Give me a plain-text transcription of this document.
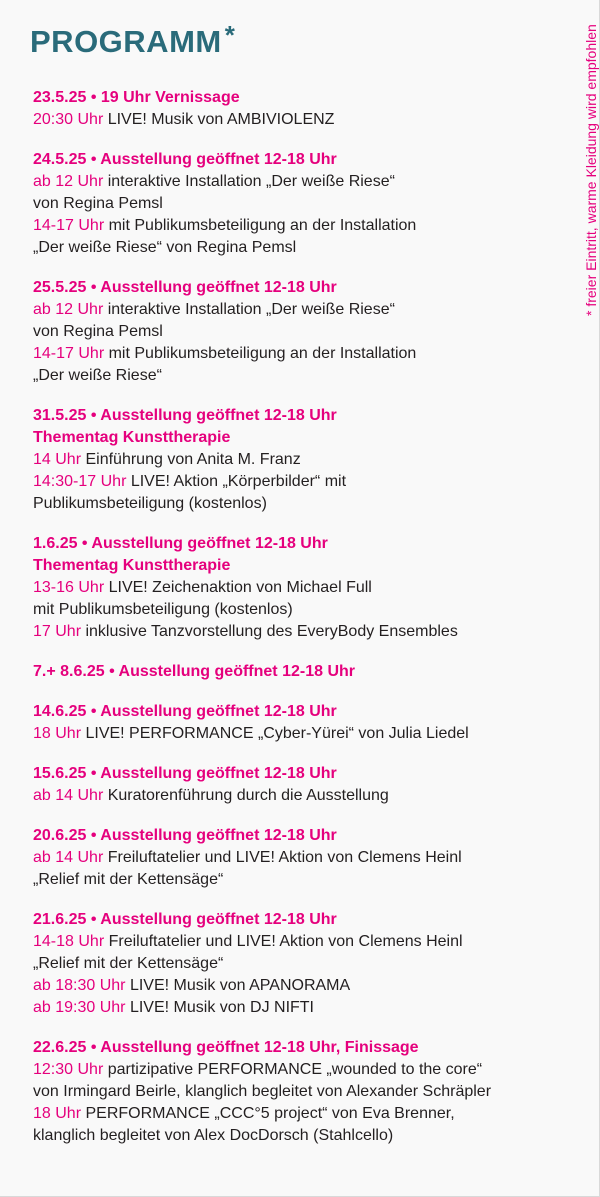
PROGRAMM *	* freier Eintritt, warme Kleidung wird empfohlen
23.5.25 • 19 Uhr Vernissage
20:30 Uhr LIVE! Musik von AMBIVIOLENZ
24.5.25 • Ausstellung geöffnet 12-18 Uhr
ab 12 Uhr interaktive Installation „Der weiße Riese“
von Regina Pemsl
14-17 Uhr mit Publikumsbeteiligung an der Installation
„Der weiße Riese“ von Regina Pemsl
25.5.25 • Ausstellung geöffnet 12-18 Uhr
ab 12 Uhr interaktive Installation „Der weiße Riese“
von Regina Pemsl
14-17 Uhr mit Publikumsbeteiligung an der Installation
„Der weiße Riese“
31.5.25 • Ausstellung geöffnet 12-18 Uhr
Thementag Kunsttherapie
14 Uhr Einführung von Anita M. Franz
14:30-17 Uhr LIVE! Aktion „Körperbilder“ mit
Publikumsbeteiligung (kostenlos)
1.6.25 • Ausstellung geöffnet 12-18 Uhr
Thementag Kunsttherapie
13-16 Uhr LIVE! Zeichenaktion von Michael Full
mit Publikumsbeteiligung (kostenlos)
17 Uhr inklusive Tanzvorstellung des EveryBody Ensembles
7.+ 8.6.25 • Ausstellung geöffnet 12-18 Uhr
14.6.25 • Ausstellung geöffnet 12-18 Uhr
18 Uhr LIVE! PERFORMANCE „Cyber-Yürei“ von Julia Liedel
15.6.25 • Ausstellung geöffnet 12-18 Uhr
ab 14 Uhr Kuratorenführung durch die Ausstellung
20.6.25 • Ausstellung geöffnet 12-18 Uhr
ab 14 Uhr Freiluftatelier und LIVE! Aktion von Clemens Heinl
„Relief mit der Kettensäge“
21.6.25 • Ausstellung geöffnet 12-18 Uhr
14-18 Uhr Freiluftatelier und LIVE! Aktion von Clemens Heinl
„Relief mit der Kettensäge“
ab 18:30 Uhr LIVE! Musik von APANORAMA
ab 19:30 Uhr LIVE! Musik von DJ NIFTI
22.6.25 • Ausstellung geöffnet 12-18 Uhr, Finissage
12:30 Uhr partizipative PERFORMANCE „wounded to the core“
von Irmingard Beirle, klanglich begleitet von Alexander Schräpler
18 Uhr PERFORMANCE „CCC°5 project“ von Eva Brenner,
klanglich begleitet von Alex DocDorsch (Stahlcello)
